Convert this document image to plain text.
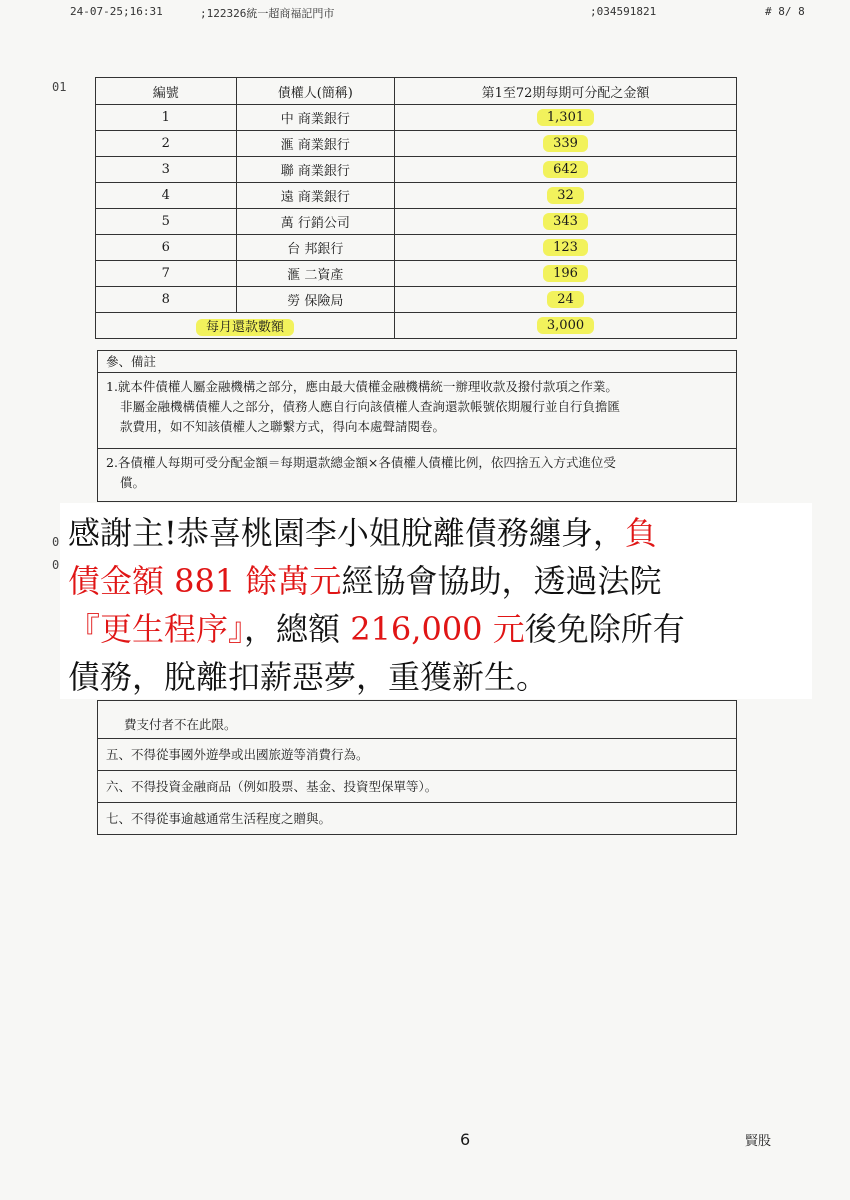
24-07-25;16:31	;122326統一超商福記門市	;034591821	# 8/ 8
01
0
0
編號	債權人(簡稱)	第1至72期每期可分配之金額
1	中 商業銀行	1,301
2	滙 商業銀行	339
3	聯 商業銀行	642
4	遠 商業銀行	32
5	萬 行銷公司	343
6	台 邦銀行	123
7	滙 二資產	196
8	勞 保險局	24
每月還款數額		3,000
參、備註
1.就本件債權人屬金融機構之部分，應由最大債權金融機構統一辦理收款及撥付款項之作業。
非屬金融機構債權人之部分，債務人應自行向該債權人查詢還款帳號依期履行並自行負擔匯
款費用，如不知該債權人之聯繫方式，得向本處聲請閱卷。
2.各債權人每期可受分配金額＝每期還款總金額×各債權人債權比例，依四捨五入方式進位受
償。
感謝主!恭喜桃園李小姐脫離債務纏身，負
債金額 881 餘萬元經協會協助，透過法院
『更生程序』，總額 216,000 元後免除所有
債務，脫離扣薪惡夢，重獲新生。
費支付者不在此限。
五、不得從事國外遊學或出國旅遊等消費行為。
六、不得投資金融商品（例如股票、基金、投資型保單等）。
七、不得從事逾越通常生活程度之贈與。
6	賢股
